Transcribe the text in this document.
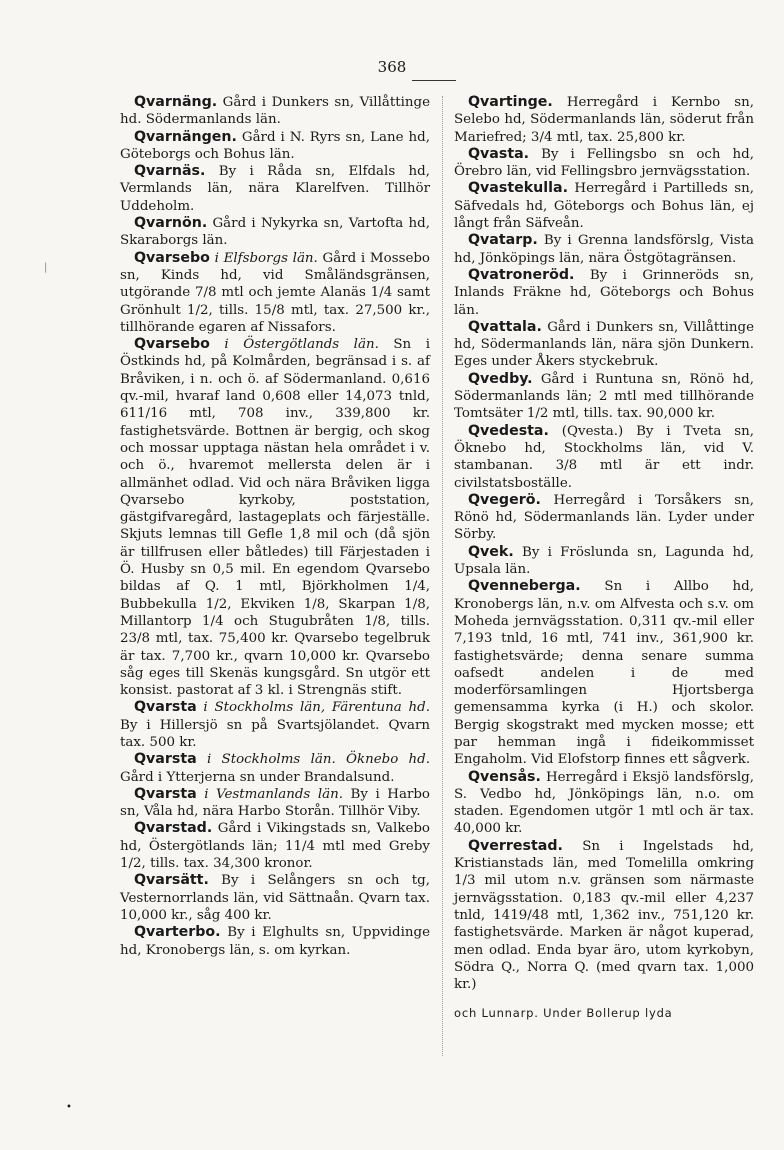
368
•
|

Qvarnäng. Gård i Dunkers sn, Villåttinge hd. Södermanlands län.

Qvarnängen. Gård i N. Ryrs sn, Lane hd, Göteborgs och Bohus län.

Qvarnäs. By i Råda sn, Elfdals hd, Vermlands län, nära Klarelfven. Tillhör Uddeholm.

Qvarnön. Gård i Nykyrka sn, Vartofta hd, Skaraborgs län.

Qvarsebo i Elfsborgs län. Gård i Mossebo sn, Kinds hd, vid Småländsgränsen, utgörande 7/8 mtl och jemte Alanäs 1/4 samt Grönhult 1/2, tills. 15/8 mtl, tax. 27,500 kr., tillhörande egaren af Nissafors.

Qvarsebo i Östergötlands län. Sn i Östkinds hd, på Kolmården, begränsad i s. af Bråviken, i n. och ö. af Södermanland. 0,616 qv.-mil, hvaraf land 0,608 eller 14,073 tnld, 611/16 mtl, 708 inv., 339,800 kr. fastighetsvärde. Bottnen är bergig, och skog och mossar upptaga nästan hela området i v. och ö., hvaremot mellersta delen är i allmänhet odlad. Vid och nära Bråviken ligga Qvarsebo kyrkoby, poststation, gästgifvaregård, lastageplats och färjeställe. Skjuts lemnas till Gefle 1,8 mil och (då sjön är tillfrusen eller båtledes) till Färjestaden i Ö. Husby sn 0,5 mil. En egendom Qvarsebo bildas af Q. 1 mtl, Björkholmen 1/4, Bubbekulla 1/2, Ekviken 1/8, Skarpan 1/8, Millantorp 1/4 och Stugubråten 1/8, tills. 23/8 mtl, tax. 75,400 kr. Qvarsebo tegelbruk är tax. 7,700 kr., qvarn 10,000 kr. Qvarsebo såg eges till Skenäs kungsgård. Sn utgör ett konsist. pastorat af 3 kl. i Strengnäs stift.

Qvarsta i Stockholms län, Färentuna hd. By i Hillersjö sn på Svartsjölandet. Qvarn tax. 500 kr.

Qvarsta i Stockholms län. Öknebo hd. Gård i Ytterjerna sn under Brandalsund.

Qvarsta i Vestmanlands län. By i Harbo sn, Våla hd, nära Harbo Storån. Tillhör Viby.

Qvarstad. Gård i Vikingstads sn, Valkebo hd, Östergötlands län; 11/4 mtl med Greby 1/2, tills. tax. 34,300 kronor.

Qvarsätt. By i Selångers sn och tg, Vesternorrlands län, vid Sättnaån. Qvarn tax. 10,000 kr., såg 400 kr.

Qvarterbo. By i Elghults sn, Uppvidinge hd, Kronobergs län, s. om kyrkan.

Qvartinge. Herregård i Kernbo sn, Selebo hd, Södermanlands län, söderut från Mariefred; 3/4 mtl, tax. 25,800 kr.

Qvasta. By i Fellingsbo sn och hd, Örebro län, vid Fellingsbro jernvägsstation.

Qvastekulla. Herregård i Partilleds sn, Säfvedals hd, Göteborgs och Bohus län, ej långt från Säfveån.

Qvatarp. By i Grenna landsförslg, Vista hd, Jönköpings län, nära Östgötagränsen.

Qvatroneröd. By i Grinneröds sn, Inlands Fräkne hd, Göteborgs och Bohus län.

Qvattala. Gård i Dunkers sn, Villåttinge hd, Södermanlands län, nära sjön Dunkern. Eges under Åkers styckebruk.

Qvedby. Gård i Runtuna sn, Rönö hd, Södermanlands län; 2 mtl med tillhörande Tomtsäter 1/2 mtl, tills. tax. 90,000 kr.

Qvedesta. (Qvesta.) By i Tveta sn, Öknebo hd, Stockholms län, vid V. stambanan. 3/8 mtl är ett indr. civilstatsboställe.

Qvegerö. Herregård i Torsåkers sn, Rönö hd, Södermanlands län. Lyder under Sörby.

Qvek. By i Fröslunda sn, Lagunda hd, Upsala län.

Qvenneberga. Sn i Allbo hd, Kronobergs län, n.v. om Alfvesta och s.v. om Moheda jernvägsstation. 0,311 qv.-mil eller 7,193 tnld, 16 mtl, 741 inv., 361,900 kr. fastighetsvärde; denna senare summa oafsedt andelen i de med moderförsamlingen Hjortsberga gemensamma kyrka (i H.) och skolor. Bergig skogstrakt med mycken mosse; ett par hemman ingå i fideikommisset Engaholm. Vid Elofstorp finnes ett sågverk.

Qvensås. Herregård i Eksjö landsförslg, S. Vedbo hd, Jönköpings län, n.o. om staden. Egendomen utgör 1 mtl och är tax. 40,000 kr.

Qverrestad. Sn i Ingelstads hd, Kristianstads län, med Tomelilla omkring 1/3 mil utom n.v. gränsen som närmaste jernvägsstation. 0,183 qv.-mil eller 4,237 tnld, 1419/48 mtl, 1,362 inv., 751,120 kr. fastighetsvärde. Marken är något kuperad, men odlad. Enda byar äro, utom kyrkobyn, Södra Q., Norra Q. (med qvarn tax. 1,000 kr.)

och Lunnarp. Under Bollerup lyda
